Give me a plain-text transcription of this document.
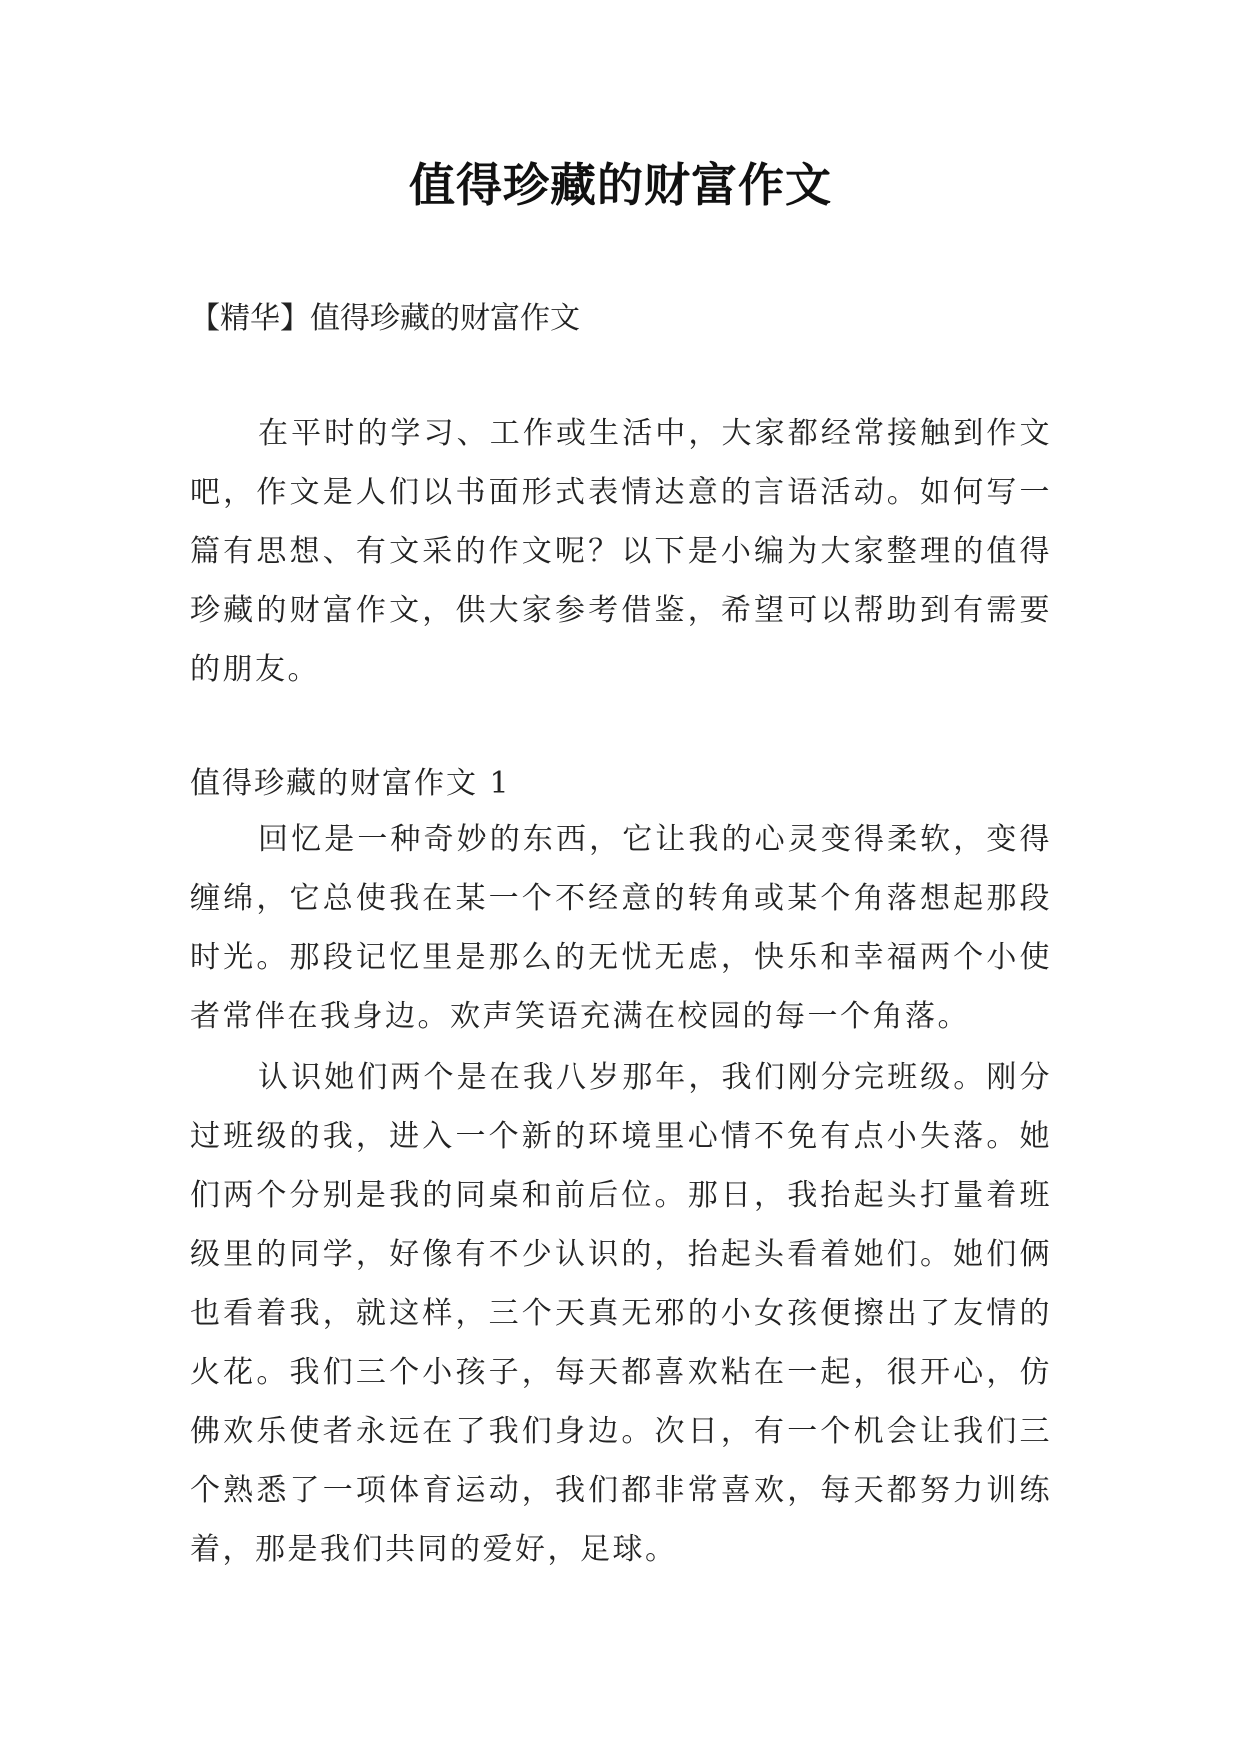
值得珍藏的财富作文
【精华】值得珍藏的财富作文

在平时的学习、工作或生活中，大家都经常接触到作文吧，作文是人们以书面形式表情达意的言语活动。如何写一篇有思想、有文采的作文呢？以下是小编为大家整理的值得珍藏的财富作文，供大家参考借鉴，希望可以帮助到有需要的朋友。

值得珍藏的财富作文 1

回忆是一种奇妙的东西，它让我的心灵变得柔软，变得缠绵，它总使我在某一个不经意的转角或某个角落想起那段时光。那段记忆里是那么的无忧无虑，快乐和幸福两个小使者常伴在我身边。欢声笑语充满在校园的每一个角落。

认识她们两个是在我八岁那年，我们刚分完班级。刚分过班级的我，进入一个新的环境里心情不免有点小失落。她们两个分别是我的同桌和前后位。那日，我抬起头打量着班级里的同学，好像有不少认识的，抬起头看着她们。她们俩也看着我，就这样，三个天真无邪的小女孩便擦出了友情的火花。我们三个小孩子，每天都喜欢粘在一起，很开心，仿佛欢乐使者永远在了我们身边。次日，有一个机会让我们三个熟悉了一项体育运动，我们都非常喜欢，每天都努力训练着，那是我们共同的爱好，足球。
